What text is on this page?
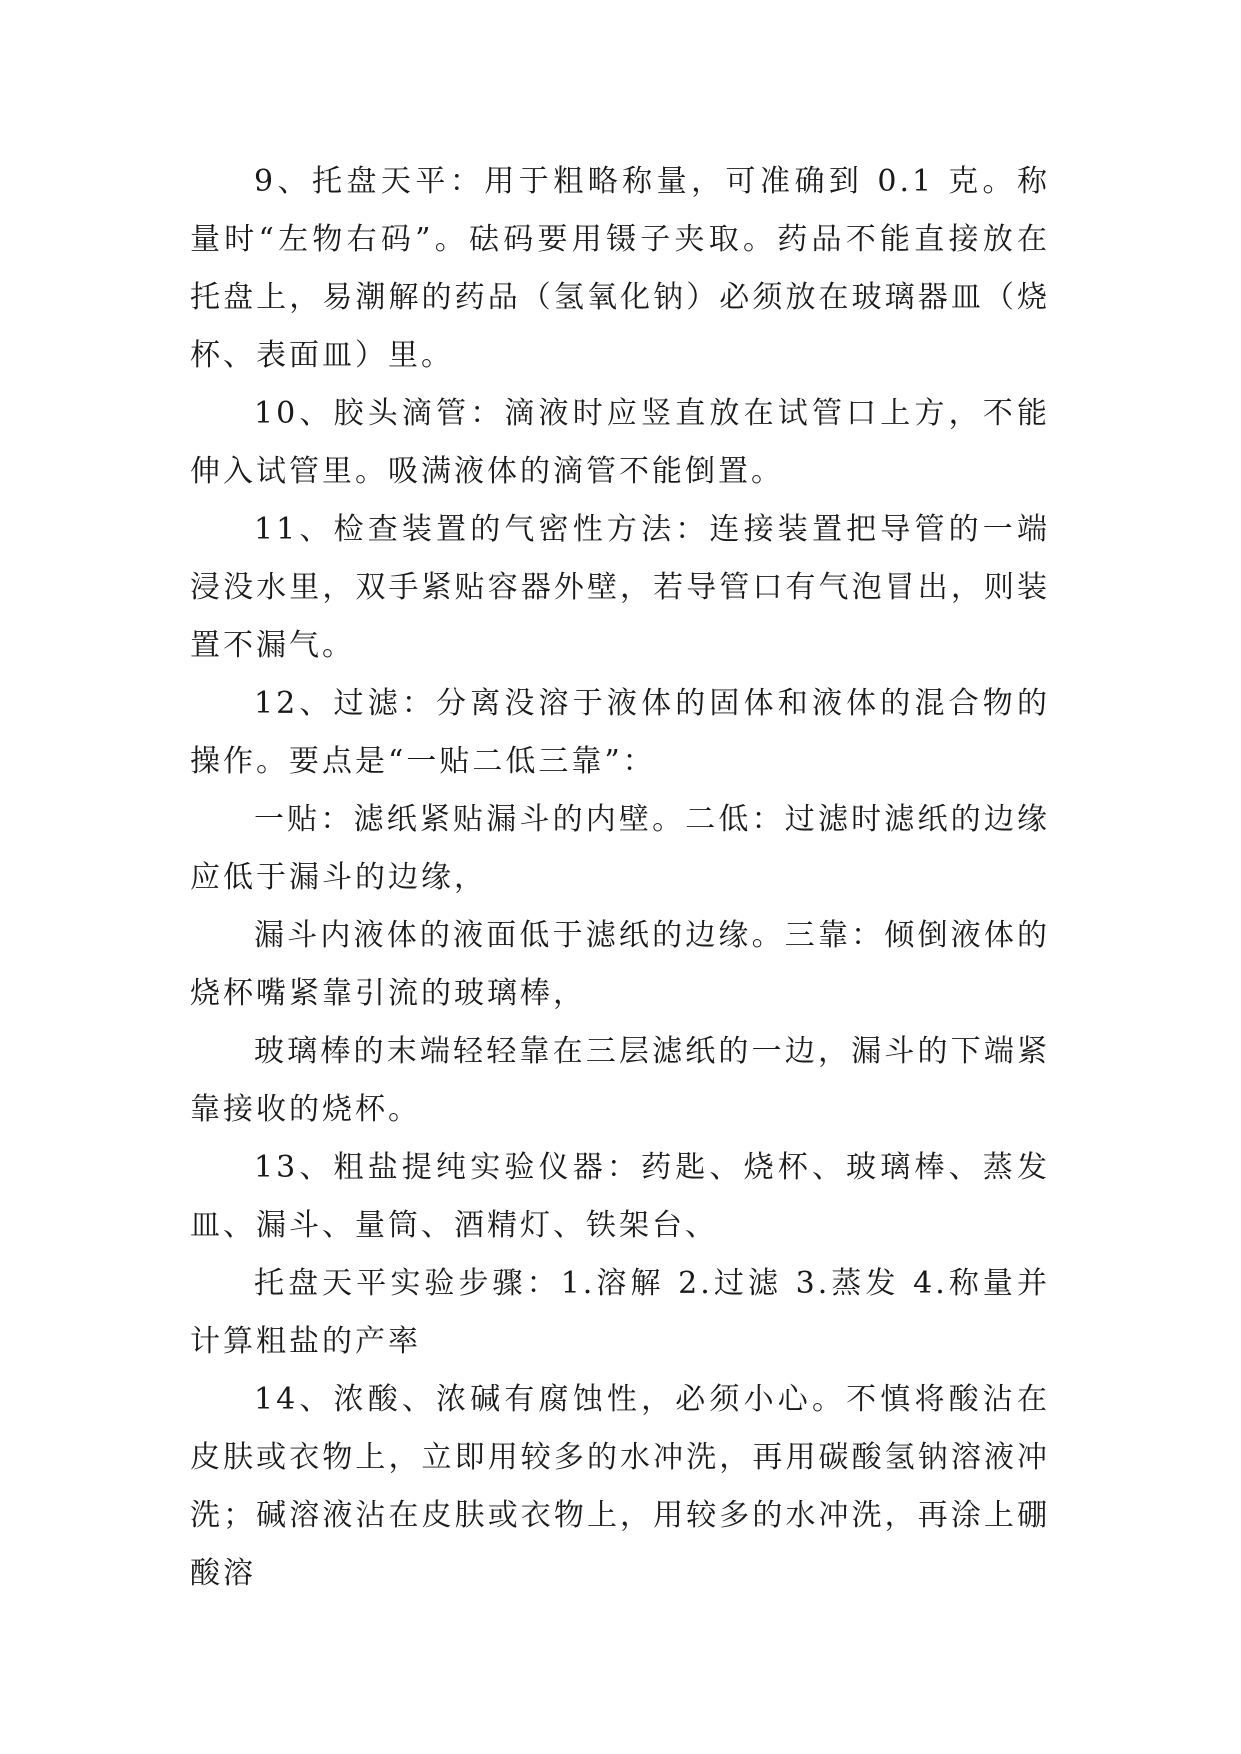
9、托盘天平：用于粗略称量，可准确到 0.1 克。称量时“左物右码”。砝码要用镊子夹取。药品不能直接放在托盘上，易潮解的药品（氢氧化钠）必须放在玻璃器皿（烧杯、表面皿）里。

10、胶头滴管：滴液时应竖直放在试管口上方，不能伸入试管里。吸满液体的滴管不能倒置。

11、检查装置的气密性方法：连接装置把导管的一端浸没水里，双手紧贴容器外壁，若导管口有气泡冒出，则装置不漏气。

12、过滤：分离没溶于液体的固体和液体的混合物的操作。要点是“一贴二低三靠”：

一贴：滤纸紧贴漏斗的内壁。二低：过滤时滤纸的边缘应低于漏斗的边缘，

漏斗内液体的液面低于滤纸的边缘。三靠：倾倒液体的烧杯嘴紧靠引流的玻璃棒，

玻璃棒的末端轻轻靠在三层滤纸的一边，漏斗的下端紧靠接收的烧杯。

13、粗盐提纯实验仪器：药匙、烧杯、玻璃棒、蒸发皿、漏斗、量筒、酒精灯、铁架台、

托盘天平实验步骤：1.溶解 2.过滤 3.蒸发 4.称量并计算粗盐的产率

14、浓酸、浓碱有腐蚀性，必须小心。不慎将酸沾在皮肤或衣物上，立即用较多的水冲洗，再用碳酸氢钠溶液冲洗；碱溶液沾在皮肤或衣物上，用较多的水冲洗，再涂上硼酸溶
